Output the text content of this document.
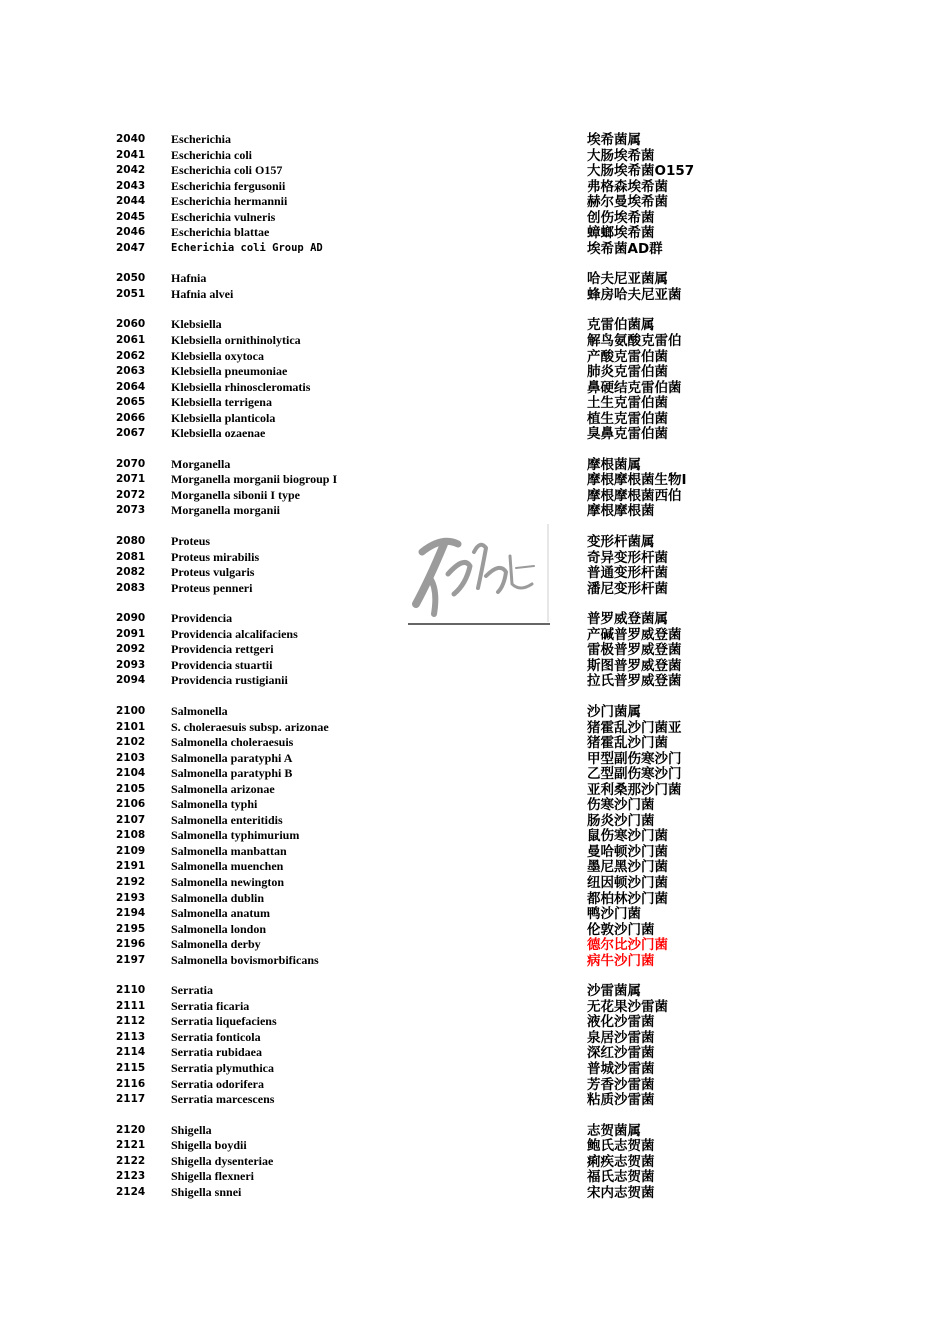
2040 Escherichia	埃希菌属
2041 Escherichia coli	大肠埃希菌
2042 Escherichia coli O157	大肠埃希菌O157
2043 Escherichia fergusonii	弗格森埃希菌
2044 Escherichia hermannii	赫尔曼埃希菌
2045 Escherichia vulneris	创伤埃希菌
2046 Escherichia blattae	蟑螂埃希菌
2047 Echerichia coli Group AD	埃希菌AD群
2050 Hafnia	哈夫尼亚菌属
2051 Hafnia alvei	蜂房哈夫尼亚菌
2060 Klebsiella	克雷伯菌属
2061 Klebsiella ornithinolytica	解鸟氨酸克雷伯
2062 Klebsiella oxytoca	产酸克雷伯菌
2063 Klebsiella pneumoniae	肺炎克雷伯菌
2064 Klebsiella rhinoscleromatis	鼻硬结克雷伯菌
2065 Klebsiella terrigena	土生克雷伯菌
2066 Klebsiella planticola	植生克雷伯菌
2067 Klebsiella ozaenae	臭鼻克雷伯菌
2070 Morganella	摩根菌属
2071 Morganella morganii biogroup I	摩根摩根菌生物I
2072 Morganella sibonii I type	摩根摩根菌西伯
2073 Morganella morganii	摩根摩根菌
2080 Proteus	变形杆菌属
2081 Proteus mirabilis	奇异变形杆菌
2082 Proteus vulgaris	普通变形杆菌
2083 Proteus penneri	潘尼变形杆菌
2090 Providencia	普罗威登菌属
2091 Providencia alcalifaciens	产碱普罗威登菌
2092 Providencia rettgeri	雷极普罗威登菌
2093 Providencia stuartii	斯图普罗威登菌
2094 Providencia rustigianii	拉氏普罗威登菌
2100 Salmonella	沙门菌属
2101 S. choleraesuis subsp. arizonae	猪霍乱沙门菌亚
2102 Salmonella choleraesuis	猪霍乱沙门菌
2103 Salmonella paratyphi A	甲型副伤寒沙门
2104 Salmonella paratyphi B	乙型副伤寒沙门
2105 Salmonella arizonae	亚利桑那沙门菌
2106 Salmonella typhi	伤寒沙门菌
2107 Salmonella enteritidis	肠炎沙门菌
2108 Salmonella typhimurium	鼠伤寒沙门菌
2109 Salmonella manbattan	曼哈顿沙门菌
2191 Salmonella muenchen	墨尼黑沙门菌
2192 Salmonella newington	纽因顿沙门菌
2193 Salmonella dublin	都柏林沙门菌
2194 Salmonella anatum	鸭沙门菌
2195 Salmonella london	伦敦沙门菌
2196 Salmonella derby	德尔比沙门菌
2197 Salmonella bovismorbificans	病牛沙门菌
2110 Serratia	沙雷菌属
2111 Serratia ficaria	无花果沙雷菌
2112 Serratia liquefaciens	液化沙雷菌
2113 Serratia fonticola	泉居沙雷菌
2114 Serratia rubidaea	深红沙雷菌
2115 Serratia plymuthica	普城沙雷菌
2116 Serratia odorifera	芳香沙雷菌
2117 Serratia marcescens	粘质沙雷菌
2120 Shigella	志贺菌属
2121 Shigella boydii	鲍氏志贺菌
2122 Shigella dysenteriae	痢疾志贺菌
2123 Shigella flexneri	福氏志贺菌
2124 Shigella snnei	宋内志贺菌
